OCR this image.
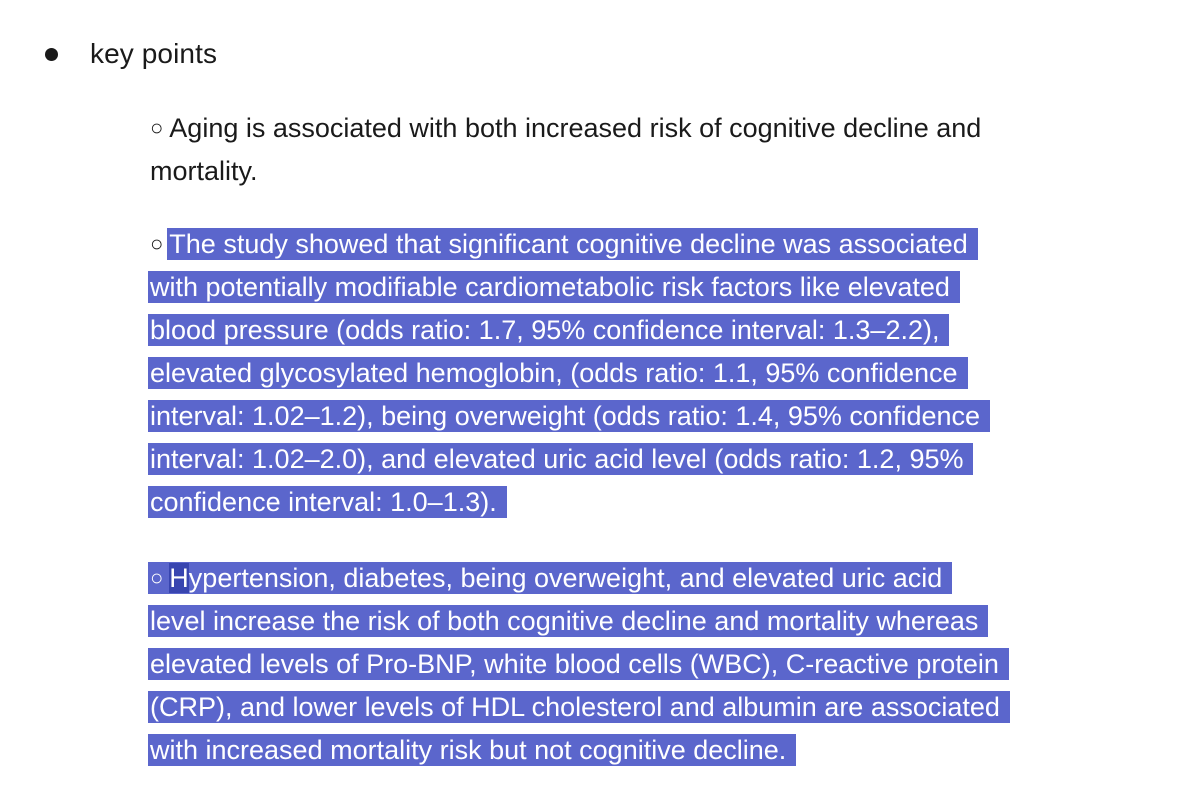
key points
○ Aging is associated with both increased risk of cognitive decline and
mortality.
○ The study showed that significant cognitive decline was associated
with potentially modifiable cardiometabolic risk factors like elevated
blood pressure (odds ratio: 1.7, 95% confidence interval: 1.3–2.2),
elevated glycosylated hemoglobin, (odds ratio: 1.1, 95% confidence
interval: 1.02–1.2), being overweight (odds ratio: 1.4, 95% confidence
interval: 1.02–2.0), and elevated uric acid level (odds ratio: 1.2, 95%
confidence interval: 1.0–1.3).
○ Hypertension, diabetes, being overweight, and elevated uric acid
level increase the risk of both cognitive decline and mortality whereas
elevated levels of Pro-BNP, white blood cells (WBC), C-reactive protein
(CRP), and lower levels of HDL cholesterol and albumin are associated
with increased mortality risk but not cognitive decline.
